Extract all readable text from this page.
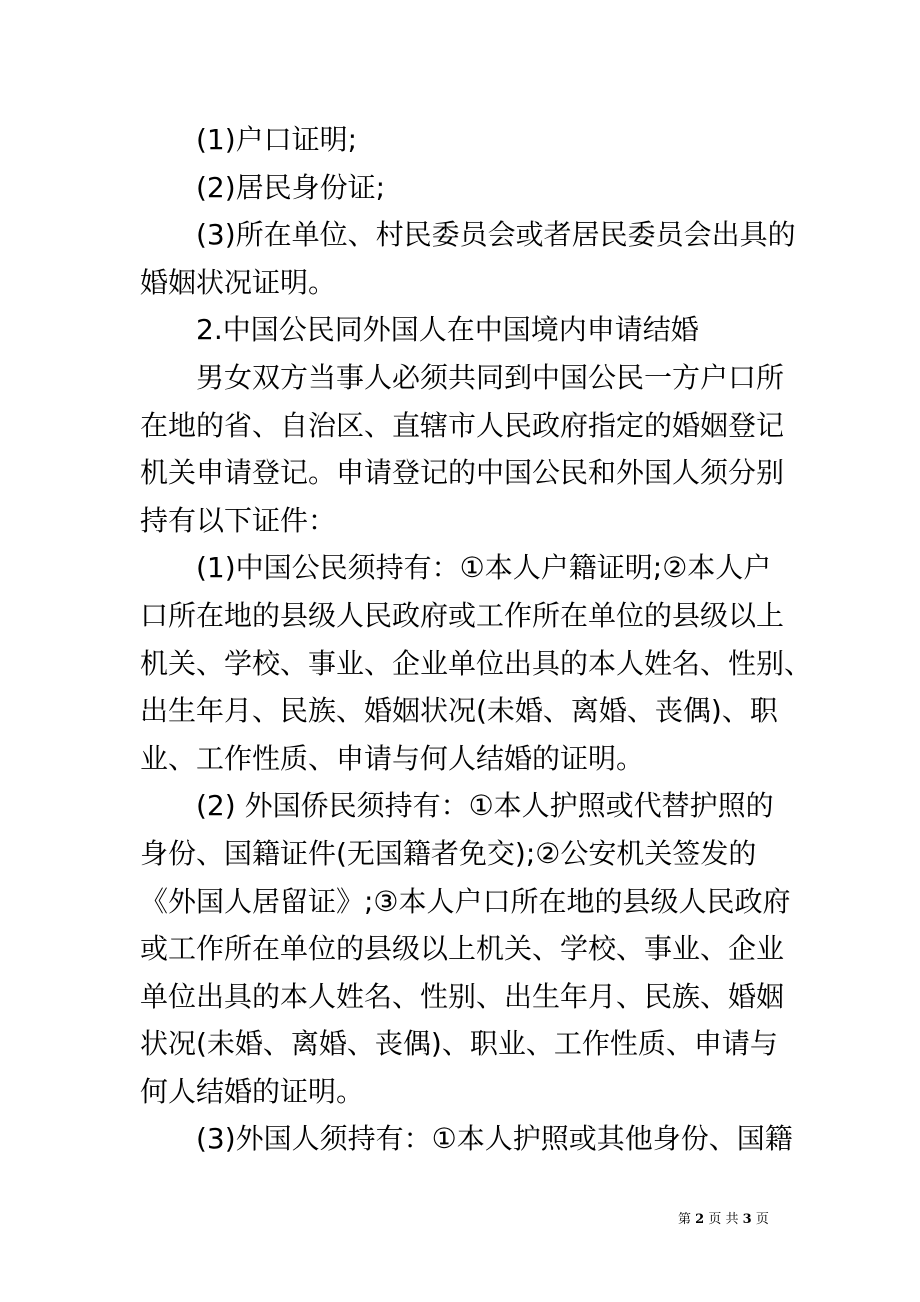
(1)户口证明;

(2)居民身份证;

(3)所在单位、村民委员会或者居民委员会出具的
婚姻状况证明。

2.中国公民同外国人在中国境内申请结婚

男女双方当事人必须共同到中国公民一方户口所
在地的省、自治区、直辖市人民政府指定的婚姻登记
机关申请登记。申请登记的中国公民和外国人须分别
持有以下证件：

(1)中国公民须持有：①本人户籍证明;②本人户
口所在地的县级人民政府或工作所在单位的县级以上
机关、学校、事业、企业单位出具的本人姓名、性别、
出生年月、民族、婚姻状况(未婚、离婚、丧偶)、职
业、工作性质、申请与何人结婚的证明。

(2) 外国侨民须持有：①本人护照或代替护照的
身份、国籍证件(无国籍者免交);②公安机关签发的
《外国人居留证》;③本人户口所在地的县级人民政府
或工作所在单位的县级以上机关、学校、事业、企业
单位出具的本人姓名、性别、出生年月、民族、婚姻
状况(未婚、离婚、丧偶)、职业、工作性质、申请与
何人结婚的证明。

(3)外国人须持有：①本人护照或其他身份、国籍

第 2 页 共 3 页
